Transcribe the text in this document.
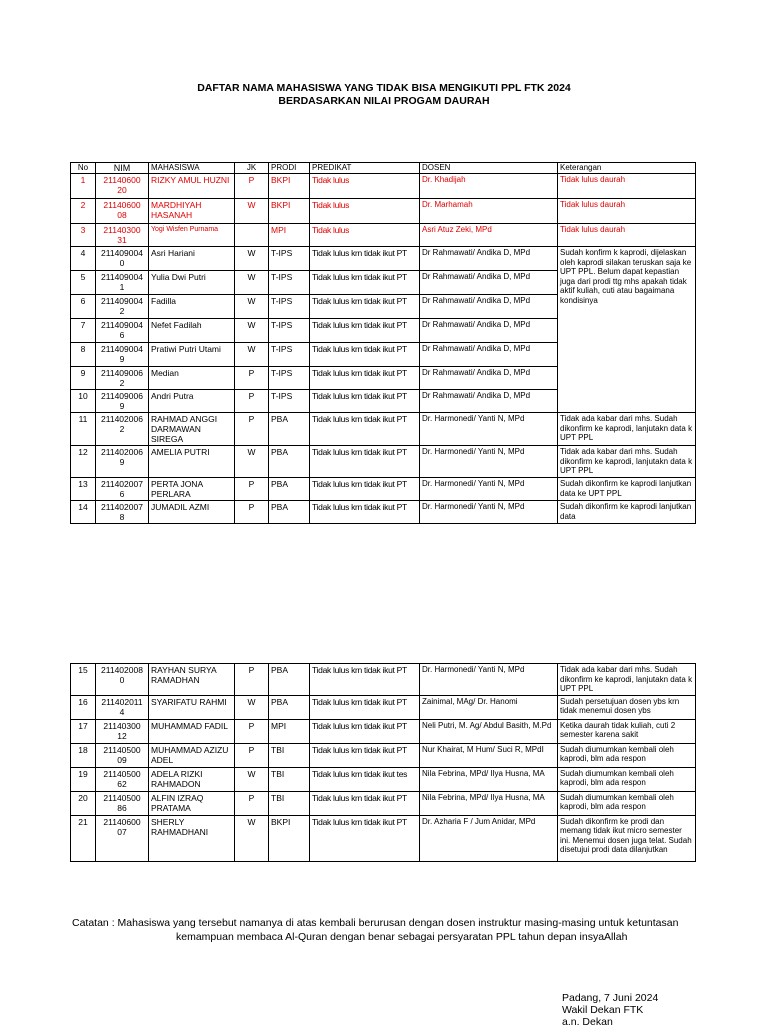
DAFTAR NAMA MAHASISWA YANG TIDAK BISA MENGIKUTI PPL FTK 2024
BERDASARKAN NILAI PROGAM DAURAH
No	NIM	MAHASISWA	JK	PRODI	PREDIKAT	DOSEN	Keterangan
1	21140600 20	RIZKY AMUL HUZNI	P	BKPI	Tidak lulus	Dr. Khadijah	Tidak lulus daurah
2	21140600 08	MARDHIYAH HASANAH	W	BKPI	Tidak lulus	Dr. Marhamah	Tidak lulus daurah
3	21140300 31	Yogi Wisfen Purnama		MPI	Tidak lulus	Asri Atuz Zeki, MPd	Tidak lulus daurah
4	211409004 0	Asri Hariani	W	T-IPS	Tidak lulus krn tidak ikut PT	Dr Rahmawati/ Andika D, MPd	Sudah konfirm k kaprodi, dijelaskan oleh kaprodi silakan teruskan saja ke UPT PPL. Belum dapat kepastian juga dari prodi ttg mhs apakah tidak aktif kuliah, cuti atau bagaimana kondisinya
5	211409004 1	Yulia Dwi Putri	W	T-IPS	Tidak lulus krn tidak ikut PT	Dr Rahmawati/ Andika D, MPd	
6	211409004 2	Fadilla	W	T-IPS	Tidak lulus krn tidak ikut PT	Dr Rahmawati/ Andika D, MPd	
7	211409004 6	Nefet Fadilah	W	T-IPS	Tidak lulus krn tidak ikut PT	Dr Rahmawati/ Andika D, MPd	
8	211409004 9	Pratiwi Putri Utami	W	T-IPS	Tidak lulus krn tidak ikut PT	Dr Rahmawati/ Andika D, MPd	
9	211409006 2	Median	P	T-IPS	Tidak lulus krn tidak ikut PT	Dr Rahmawati/ Andika D, MPd	
10	211409006 9	Andri Putra	P	T-IPS	Tidak lulus krn tidak ikut PT	Dr Rahmawati/ Andika D, MPd	
11	211402006 2	RAHMAD ANGGI DARMAWAN SIREGA	P	PBA	Tidak lulus krn tidak ikut PT	Dr. Harmonedi/ Yanti N, MPd	Tidak ada kabar dari mhs. Sudah dikonfirm ke kaprodi, lanjutakn data k UPT PPL
12	211402006 9	AMELIA PUTRI	W	PBA	Tidak lulus krn tidak ikut PT	Dr. Harmonedi/ Yanti N, MPd	Tidak ada kabar dari mhs. Sudah dikonfirm ke kaprodi, lanjutakn data k UPT PPL
13	211402007 6	PERTA JONA PERLARA	P	PBA	Tidak lulus krn tidak ikut PT	Dr. Harmonedi/ Yanti N, MPd	Sudah dikonfirm ke kaprodi lanjutkan data ke UPT PPL
14	211402007 8	JUMADIL AZMI	P	PBA	Tidak lulus krn tidak ikut PT	Dr. Harmonedi/ Yanti N, MPd	Sudah dikonfirm ke kaprodi lanjutkan data
15	211402008 0	RAYHAN SURYA RAMADHAN	P	PBA	Tidak lulus krn tidak ikut PT	Dr. Harmonedi/ Yanti N, MPd	Tidak ada kabar dari mhs. Sudah dikonfirm ke kaprodi, lanjutakn data k UPT PPL
16	211402011 4	SYARIFATU RAHMI	W	PBA	Tidak lulus krn tidak ikut PT	Zainimal, MAg/ Dr. Hanomi	Sudah persetujuan dosen ybs krn tidak menemui dosen ybs
17	21140300 12	MUHAMMAD FADIL	P	MPI	Tidak lulus krn tidak ikut PT	Neli Putri, M. Ag/ Abdul Basith, M.Pd	Ketika daurah tidak kuliah, cuti 2 semester karena sakit
18	21140500 09	MUHAMMAD AZIZU ADEL	P	TBI	Tidak lulus krn tidak ikut PT	Nur Khairat, M Hum/ Suci R, MPdI	Sudah diumumkan kembali oleh kaprodi, blm ada respon
19	21140500 62	ADELA RIZKI RAHMADON	W	TBI	Tidak lulus krn tidak ikut tes	Nila Febrina, MPd/ Ilya Husna, MA	Sudah diumumkan kembali oleh kaprodi, blm ada respon
20	21140500 86	ALFIN IZRAQ PRATAMA	P	TBI	Tidak lulus krn tidak ikut PT	Nila Febrina, MPd/ Ilya Husna, MA	Sudah diumumkan kembali oleh kaprodi, blm ada respon
21	21140600 07	SHERLY RAHMADHANI	W	BKPI	Tidak lulus krn tidak ikut PT	Dr. Azharia F / Jum Anidar, MPd	Sudah dikonfirm ke prodi dan memang tidak ikut micro semester ini. Menemui dosen juga telat. Sudah disetujui prodi data dilanjutkan
Catatan : Mahasiswa yang tersebut namanya di atas kembali berurusan dengan dosen instruktur masing-masing untuk ketuntasan
kemampuan membaca Al-Quran dengan benar sebagai persyaratan PPL tahun depan insyaAllah
Padang, 7 Juni 2024
Wakil Dekan FTK
a.n. Dekan
